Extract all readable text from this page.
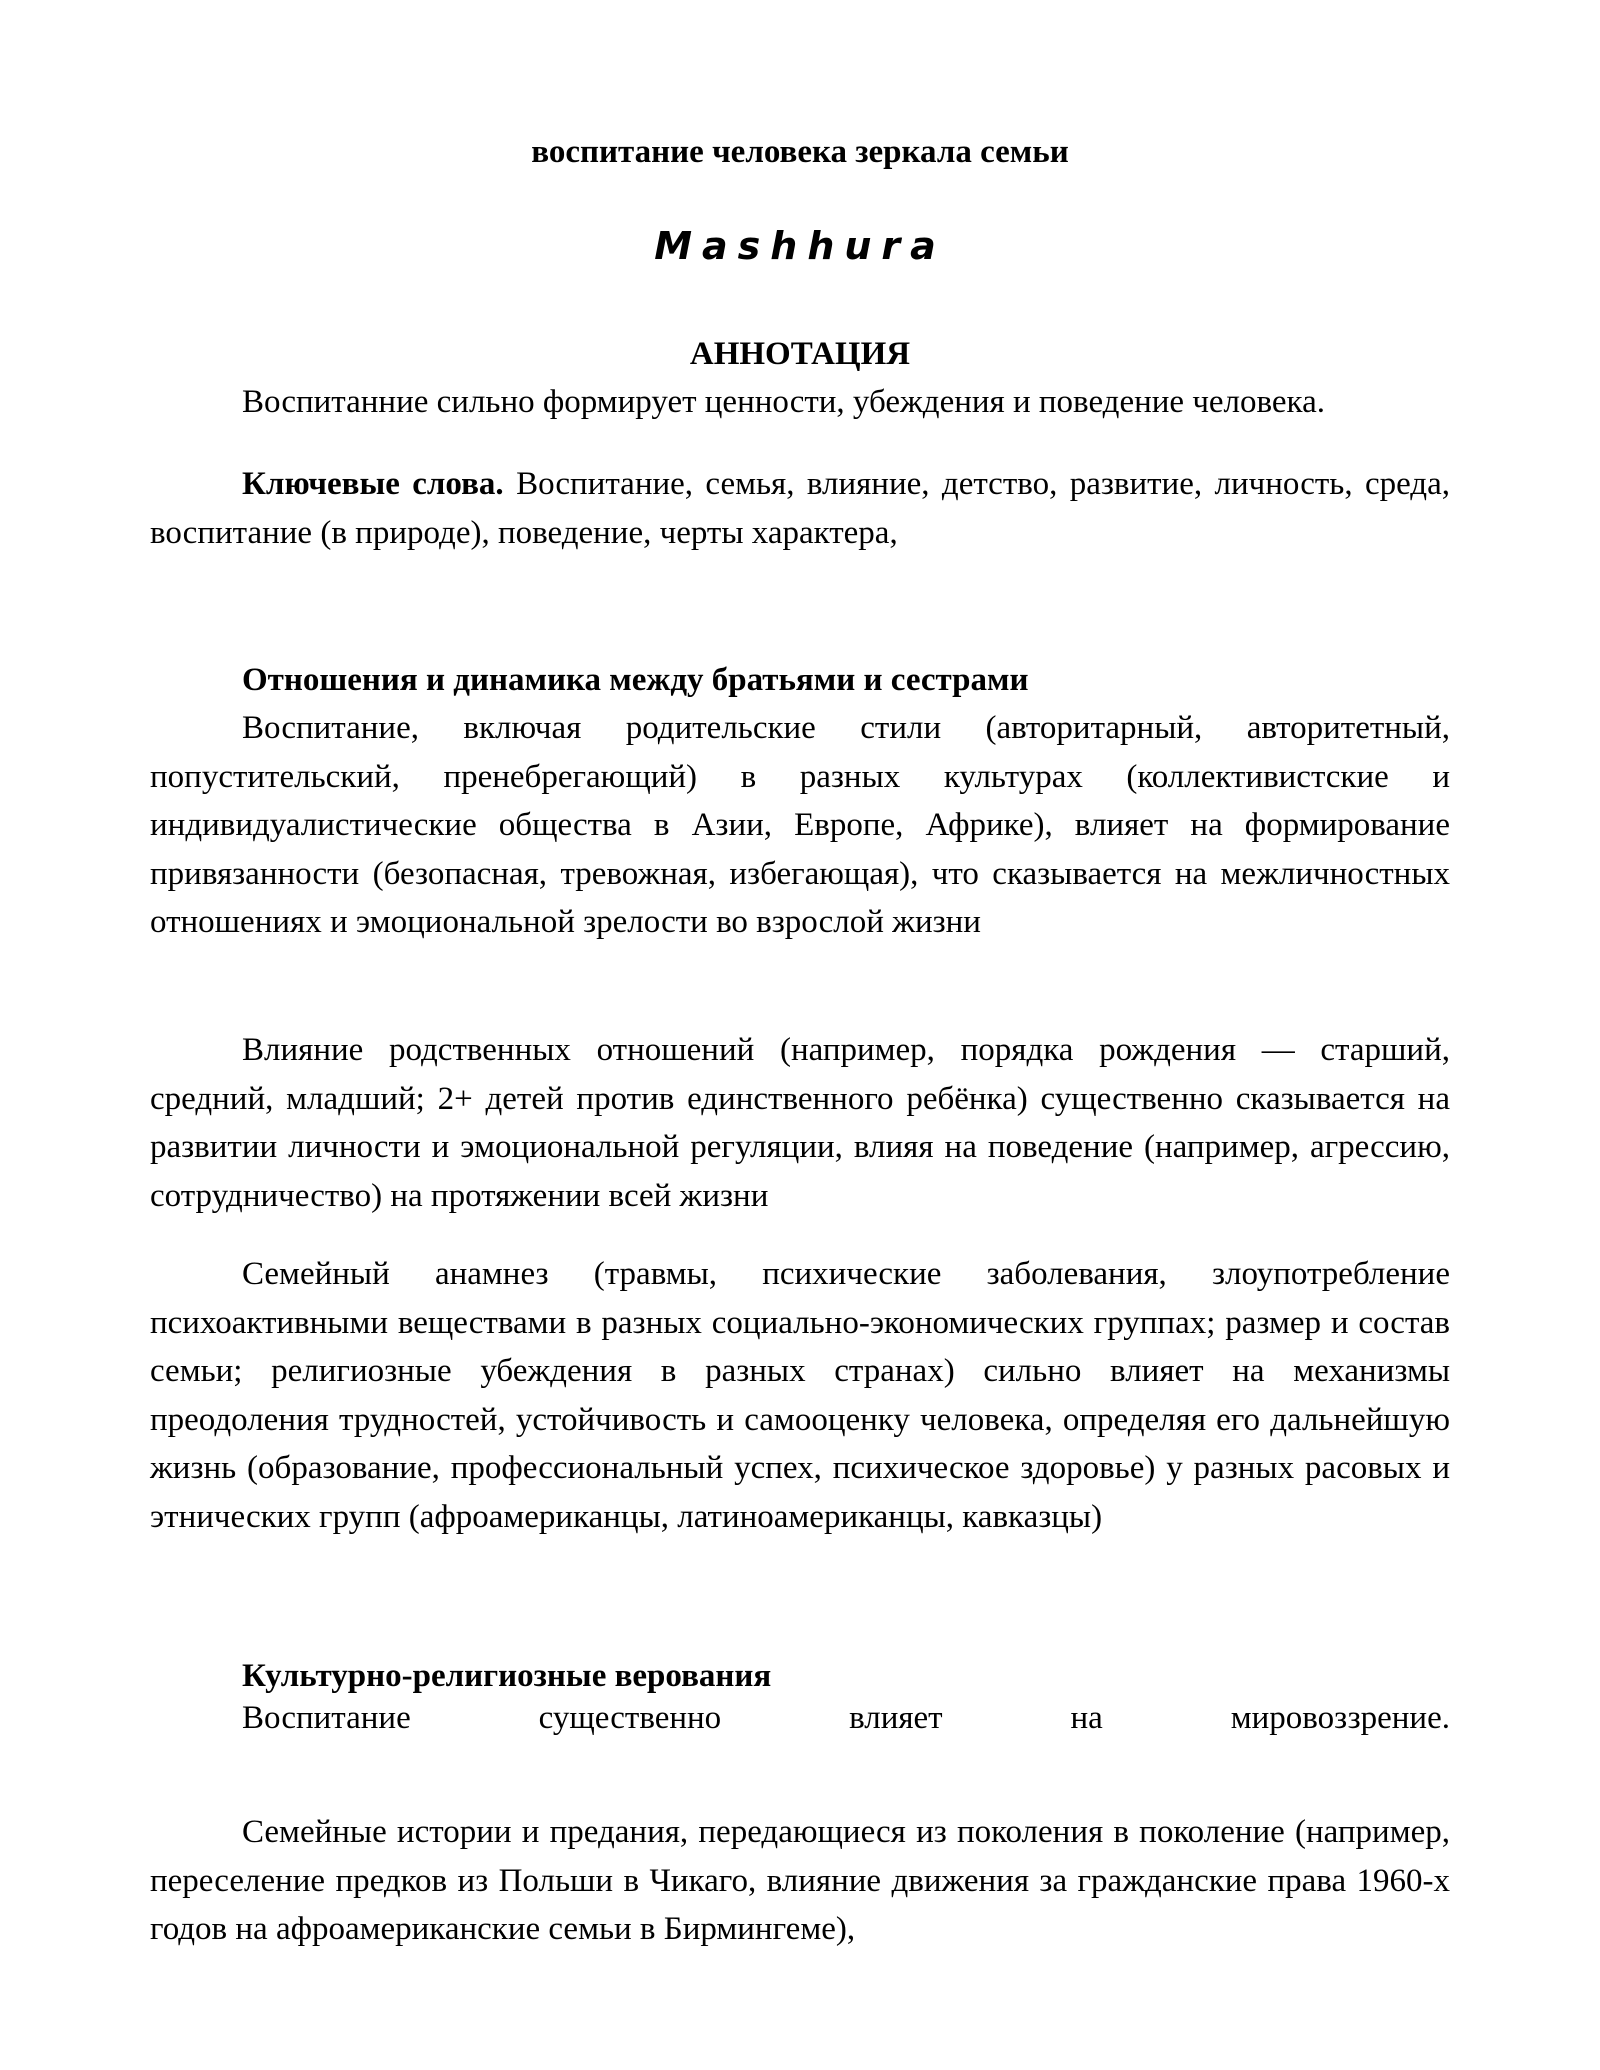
воспитание человека зеркала семьи
Mashhura
АННОТАЦИЯ

Воспитанние сильно формирует ценности, убеждения и поведение человека.

Ключевые слова. Воспитание, семья, влияние, детство, развитие, личность, среда, воспитание (в природе), поведение, черты характера,

Отношения и динамика между братьями и сестрами

Воспитание, включая родительские стили (авторитарный, авторитетный, попустительский, пренебрегающий) в разных культурах (коллективистские и индивидуалистические общества в Азии, Европе, Африке), влияет на формирование привязанности (безопасная, тревожная, избегающая), что сказывается на межличностных отношениях и эмоциональной зрелости во взрослой жизни

Влияние родственных отношений (например, порядка рождения — старший, средний, младший; 2+ детей против единственного ребёнка) существенно сказывается на развитии личности и эмоциональной регуляции, влияя на поведение (например, агрессию, сотрудничество) на протяжении всей жизни

Семейный анамнез (травмы, психические заболевания, злоупотребление психоактивными веществами в разных социально-экономических группах; размер и состав семьи; религиозные убеждения в разных странах) сильно влияет на механизмы преодоления трудностей, устойчивость и самооценку человека, определяя его дальнейшую жизнь (образование, профессиональный успех, психическое здоровье) у разных расовых и этнических групп (афроамериканцы, латиноамериканцы, кавказцы)

Культурно-религиозные верования
Воспитание	существенно	влияет	на	мировоззрение.

Семейные истории и предания, передающиеся из поколения в поколение (например, переселение предков из Польши в Чикаго, влияние движения за гражданские права 1960-х годов на афроамериканские семьи в Бирмингеме),
